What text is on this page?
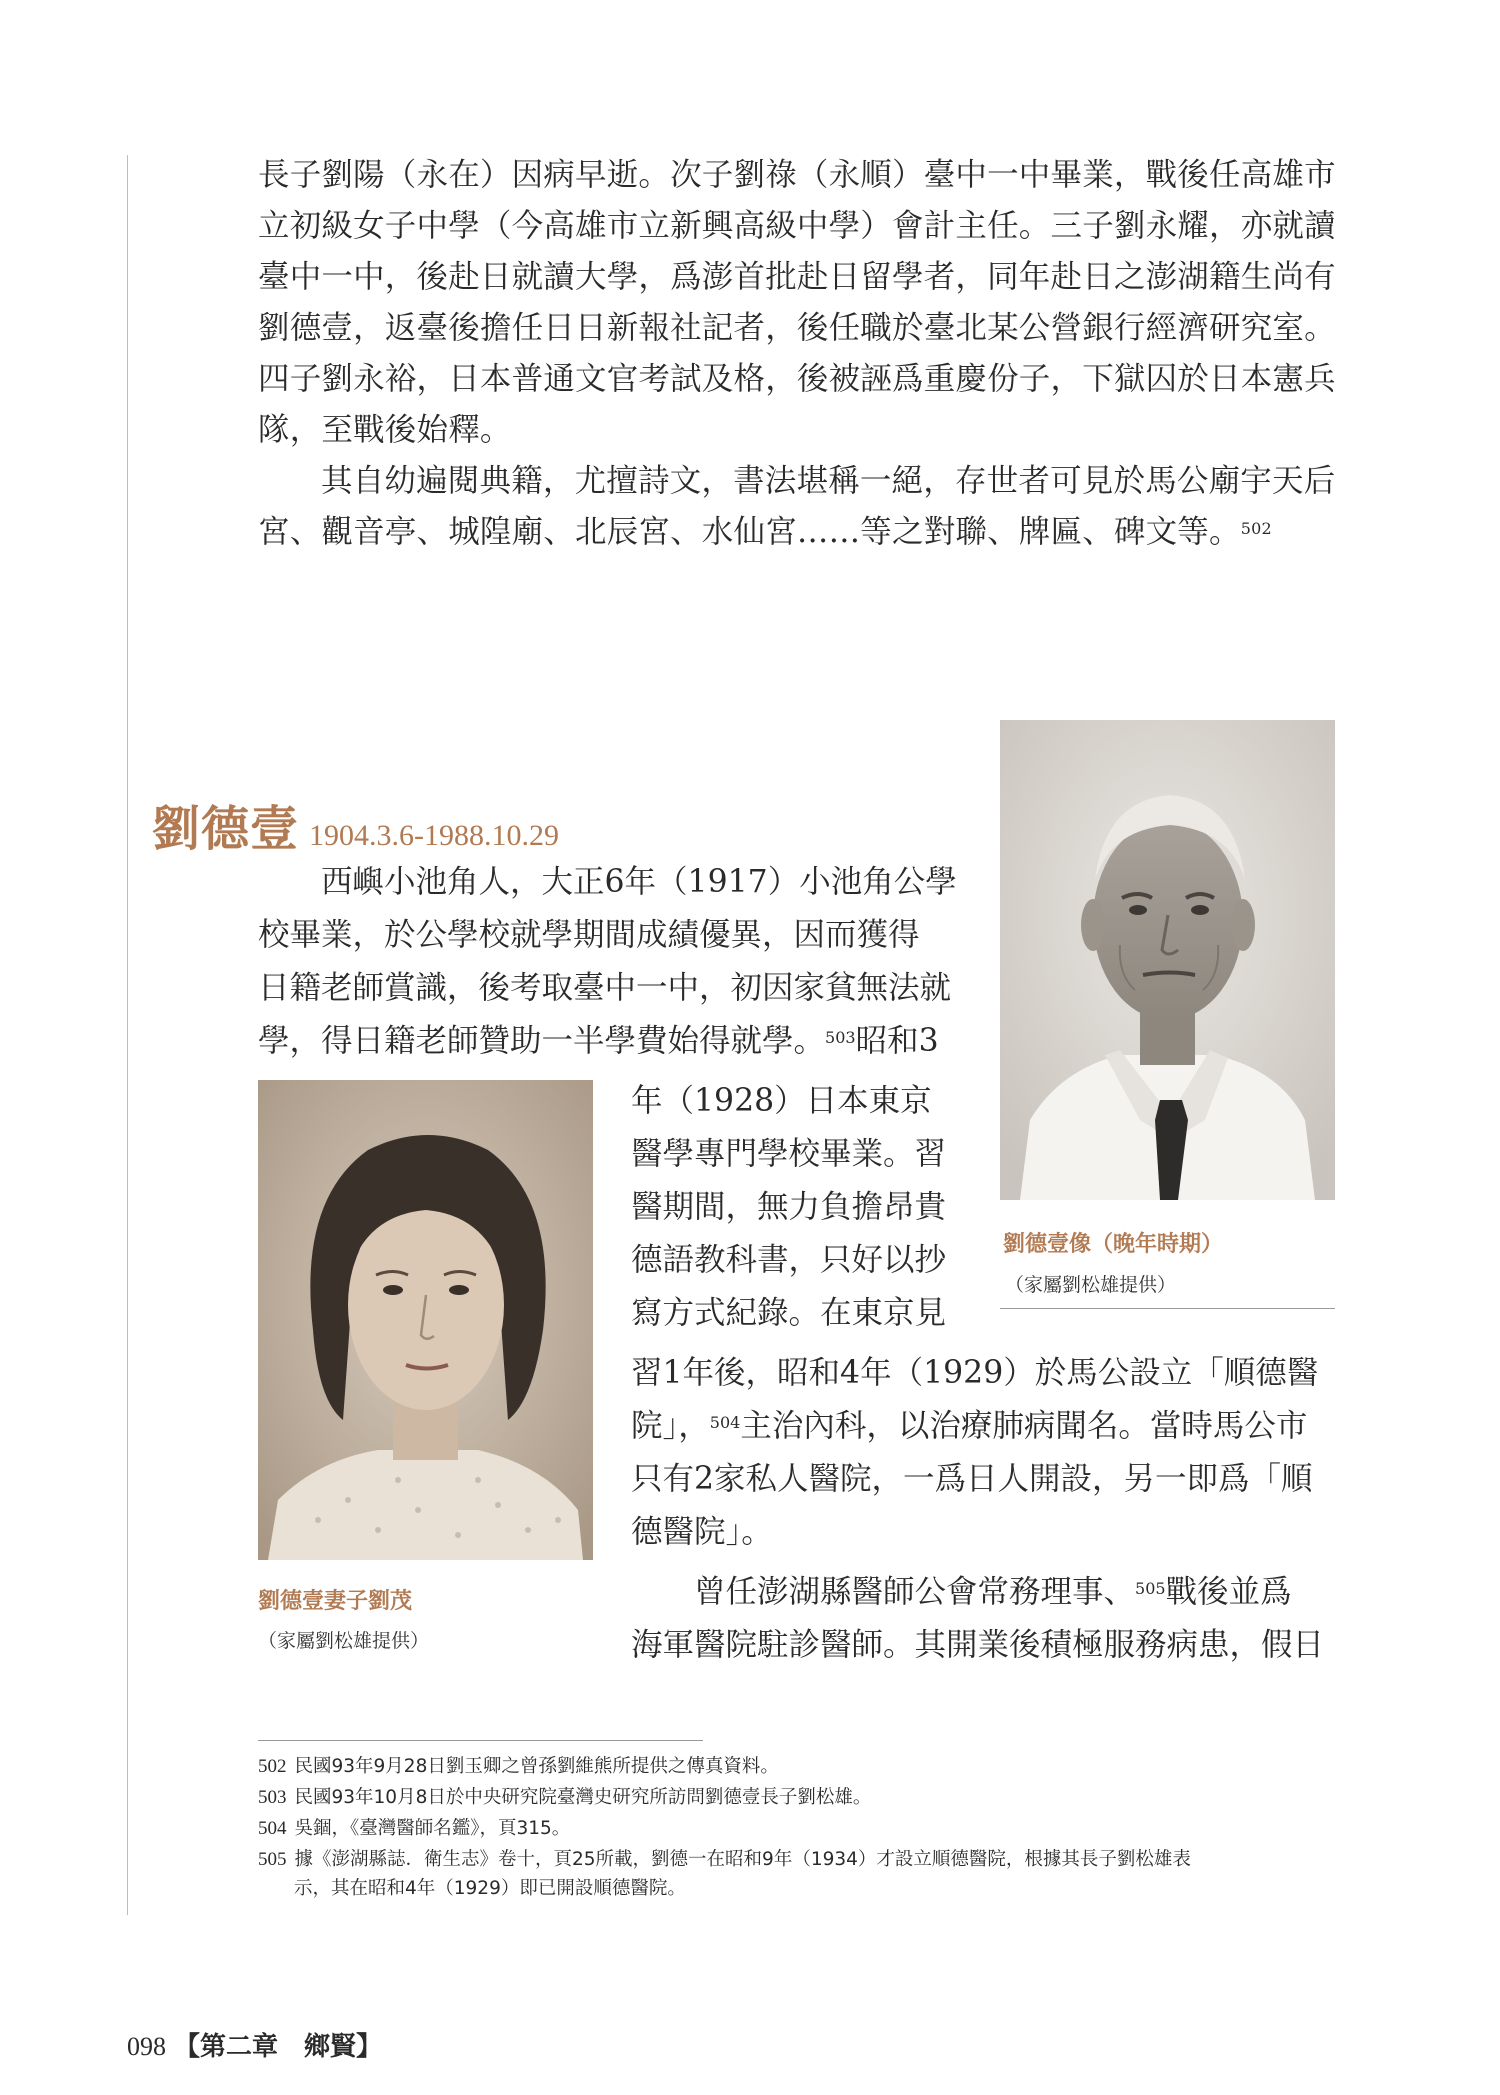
長子劉陽（永在）因病早逝。次子劉祿（永順）臺中一中畢業，戰後任高雄市
立初級女子中學（今高雄市立新興高級中學）會計主任。三子劉永耀，亦就讀
臺中一中，後赴日就讀大學，爲澎首批赴日留學者，同年赴日之澎湖籍生尚有
劉德壹，返臺後擔任日日新報社記者，後任職於臺北某公營銀行經濟研究室。
四子劉永裕，日本普通文官考試及格，後被誣爲重慶份子，下獄囚於日本憲兵
隊，至戰後始釋。
其自幼遍閱典籍，尤擅詩文，書法堪稱一絕，存世者可見於馬公廟宇天后
宮、觀音亭、城隍廟、北辰宮、水仙宮……等之對聯、牌匾、碑文等。$^{502}$
劉德壹 1904.3.6-1988.10.29
西嶼小池角人，大正6年（1917）小池角公學
校畢業，於公學校就學期間成績優異，因而獲得
日籍老師賞識，後考取臺中一中，初因家貧無法就
學，得日籍老師贊助一半學費始得就學。$^{503}$昭和3
年（1928）日本東京
醫學專門學校畢業。習
醫期間，無力負擔昂貴
德語教科書，只好以抄
寫方式紀錄。在東京見
習1年後，昭和4年（1929）於馬公設立「順德醫
院」，$^{504}$主治內科，以治療肺病聞名。當時馬公市
只有2家私人醫院，一爲日人開設，另一即爲「順
德醫院」。
曾任澎湖縣醫師公會常務理事、$^{505}$戰後並爲
海軍醫院駐診醫師。其開業後積極服務病患，假日
劉德壹像（晚年時期）
（家屬劉松雄提供）
劉德壹妻子劉茂
（家屬劉松雄提供）
502 民國93年9月28日劉玉卿之曾孫劉維熊所提供之傳真資料。
503 民國93年10月8日於中央研究院臺灣史研究所訪問劉德壹長子劉松雄。
504 吳錮，《臺灣醫師名鑑》，頁315。
505 據《澎湖縣誌．衛生志》卷十，頁25所載，劉德一在昭和9年（1934）才設立順德醫院，根據其長子劉松雄表
示，其在昭和4年（1929）即已開設順德醫院。
098 【第二章　鄉賢】
